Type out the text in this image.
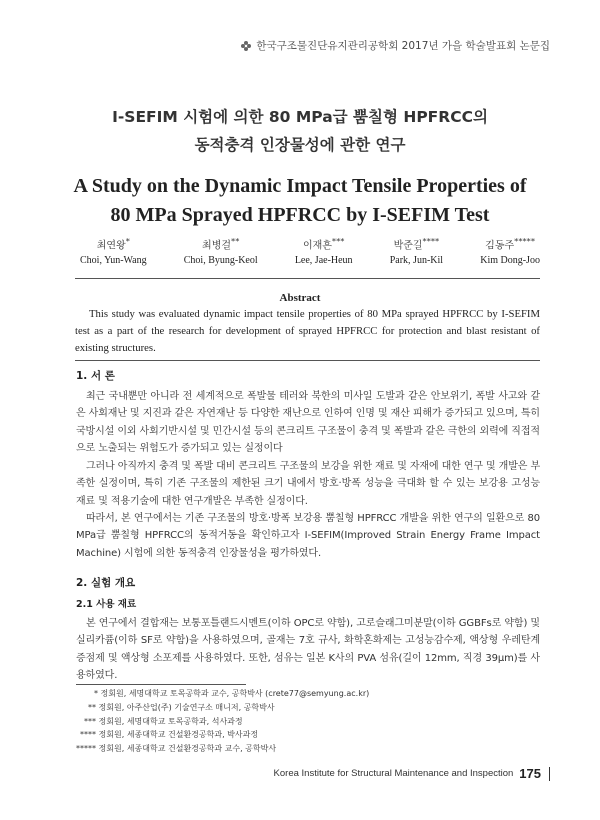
한국구조물진단유지관리공학회 2017년 가을 학술발표회 논문집
I-SEFIM 시험에 의한 80 MPa급 뿜칠형 HPFRCC의
동적충격 인장물성에 관한 연구
A Study on the Dynamic Impact Tensile Properties of
80 MPa Sprayed HPFRCC by I-SEFIM Test
최연왕*
Choi, Yun-Wang
최병걸**
Choi, Byung-Keol
이재흔***
Lee, Jae-Heun
박준길****
Park, Jun-Kil
김동주*****
Kim Dong-Joo
Abstract
This study was evaluated dynamic impact tensile properties of 80 MPa sprayed HPFRCC by I-SEFIM test as a part of the research for development of sprayed HPFRCC for protection and blast resistant of existing structures.
1. 서 론
최근 국내뿐만 아니라 전 세계적으로 폭발물 테러와 북한의 미사일 도발과 같은 안보위기, 폭발 사고와 같은 사회재난 및 지진과 같은 자연재난 등 다양한 재난으로 인하여 인명 및 재산 피해가 증가되고 있으며, 특히 국방시설 이외 사회기반시설 및 민간시설 등의 콘크리트 구조물이 충격 및 폭발과 같은 극한의 외력에 직접적으로 노출되는 위험도가 증가되고 있는 실정이다
그러나 아직까지 충격 및 폭발 대비 콘크리트 구조물의 보강을 위한 재료 및 자재에 대한 연구 및 개발은 부족한 실정이며, 특히 기존 구조물의 제한된 크기 내에서 방호·방폭 성능을 극대화 할 수 있는 보강용 고성능 재료 및 적용기술에 대한 연구개발은 부족한 실정이다.
따라서, 본 연구에서는 기존 구조물의 방호·방폭 보강용 뿜칠형 HPFRCC 개발을 위한 연구의 일환으로 80 MPa급 뿜칠형 HPFRCC의 동적거동을 확인하고자 I-SEFIM(Improved Strain Energy Frame Impact Machine) 시험에 의한 동적충격 인장물성을 평가하였다.
2. 실험 개요
2.1 사용 재료
본 연구에서 결합재는 보통포틀랜드시멘트(이하 OPC로 약함), 고로슬래그미분말(이하 GGBFs로 약함) 및 실리카퓸(이하 SF로 약함)을 사용하였으며, 골재는 7호 규사, 화학혼화제는 고성능감수제, 액상형 우레탄계 증점제 및 액상형 소포제를 사용하였다. 또한, 섬유는 일본 K사의 PVA 섬유(길이 12mm, 직경 39μm)를 사용하였다.
* 정회원, 세명대학교 토목공학과 교수, 공학박사 (crete77@semyung.ac.kr)
** 정회원, 아주산업(주) 기술연구소 매니저, 공학박사
*** 정회원, 세명대학교 토목공학과, 석사과정
**** 정회원, 세종대학교 건설환경공학과, 박사과정
***** 정회원, 세종대학교 건설환경공학과 교수, 공학박사
Korea Institute for Structural Maintenance and Inspection 175
